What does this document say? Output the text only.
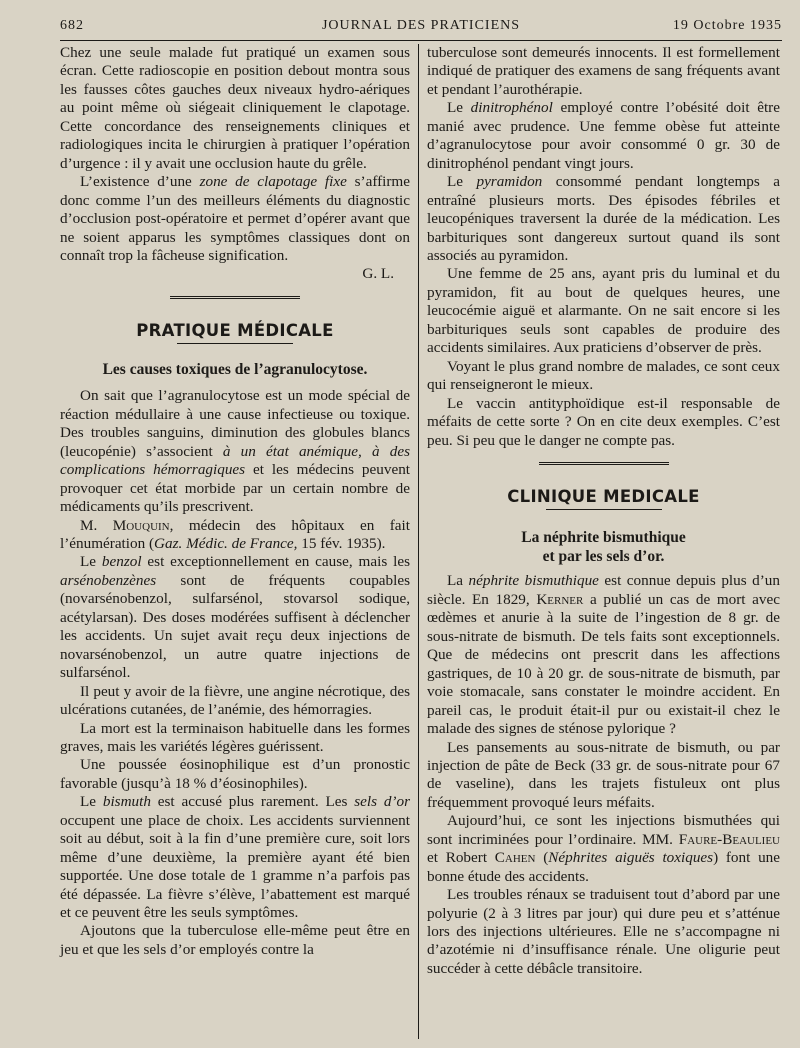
682	JOURNAL DES PRATICIENS	19 Octobre 1935

Chez une seule malade fut pratiqué un examen sous écran. Cette radioscopie en position debout montra sous les fausses côtes gauches deux niveaux hydro-aériques au point même où siégeait cliniquement le clapotage. Cette concordance des renseignements cliniques et radiologiques incita le chirurgien à pratiquer l’opération d’urgence : il y avait une occlusion haute du grêle.

L’existence d’une zone de clapotage fixe s’affirme donc comme l’un des meilleurs éléments du diagnostic d’occlusion post-opératoire et permet d’opérer avant que ne soient apparus les symptômes classiques dont on connaît trop la fâcheuse signification.

G. L.
PRATIQUE MÉDICALE
Les causes toxiques de l’agranulocytose.

On sait que l’agranulocytose est un mode spécial de réaction médullaire à une cause infectieuse ou toxique. Des troubles sanguins, diminution des globules blancs (leucopénie) s’associent à un état anémique, à des complications hémorragiques et les médecins peuvent provoquer cet état morbide par un certain nombre de médicaments qu’ils prescrivent.

M. Mouquin, médecin des hôpitaux en fait l’énumération (Gaz. Médic. de France, 15 fév. 1935).

Le benzol est exceptionnellement en cause, mais les arsénobenzènes sont de fréquents coupables (novarsénobenzol, sulfarsénol, stovarsol sodique, acétylarsan). Des doses modérées suffisent à déclencher les accidents. Un sujet avait reçu deux injections de novarsénobenzol, un autre quatre injections de sulfarsénol.

Il peut y avoir de la fièvre, une angine nécrotique, des ulcérations cutanées, de l’anémie, des hémorragies.

La mort est la terminaison habituelle dans les formes graves, mais les variétés légères guérissent.

Une poussée éosinophilique est d’un pronostic favorable (jusqu’à 18 % d’éosinophiles).

Le bismuth est accusé plus rarement. Les sels d’or occupent une place de choix. Les accidents surviennent soit au début, soit à la fin d’une première cure, soit lors même d’une deuxième, la première ayant été bien supportée. Une dose totale de 1 gramme n’a parfois pas été dépassée. La fièvre s’élève, l’abattement est marqué et ce peuvent être les seuls symptômes.

Ajoutons que la tuberculose elle-même peut être en jeu et que les sels d’or employés contre la

tuberculose sont demeurés innocents. Il est formellement indiqué de pratiquer des examens de sang fréquents avant et pendant l’aurothérapie.

Le dinitrophénol employé contre l’obésité doit être manié avec prudence. Une femme obèse fut atteinte d’agranulocytose pour avoir consommé 0 gr. 30 de dinitrophénol pendant vingt jours.

Le pyramidon consommé pendant longtemps a entraîné plusieurs morts. Des épisodes fébriles et leucopéniques traversent la durée de la médication. Les barbituriques sont dangereux surtout quand ils sont associés au pyramidon.

Une femme de 25 ans, ayant pris du luminal et du pyramidon, fit au bout de quelques heures, une leucocémie aiguë et alarmante. On ne sait encore si les barbituriques seuls sont capables de produire des accidents similaires. Aux praticiens d’observer de près.

Voyant le plus grand nombre de malades, ce sont ceux qui renseigneront le mieux.

Le vaccin antityphoïdique est-il responsable de méfaits de cette sorte ? On en cite deux exemples. C’est peu. Si peu que le danger ne compte pas.

CLINIQUE MEDICALE
La néphrite bismuthique
et par les sels d’or.

La néphrite bismuthique est connue depuis plus d’un siècle. En 1829, Kerner a publié un cas de mort avec œdèmes et anurie à la suite de l’ingestion de 8 gr. de sous-nitrate de bismuth. De tels faits sont exceptionnels. Que de médecins ont prescrit dans les affections gastriques, de 10 à 20 gr. de sous-nitrate de bismuth, par voie stomacale, sans constater le moindre accident. En pareil cas, le produit était-il pur ou existait-il chez le malade des signes de sténose pylorique ?

Les pansements au sous-nitrate de bismuth, ou par injection de pâte de Beck (33 gr. de sous-nitrate pour 67 de vaseline), dans les trajets fistuleux ont plus fréquemment provoqué leurs méfaits.

Aujourd’hui, ce sont les injections bismuthées qui sont incriminées pour l’ordinaire. MM. Faure-Beaulieu et Robert Cahen (Néphrites aiguës toxiques) font une bonne étude des accidents.

Les troubles rénaux se traduisent tout d’abord par une polyurie (2 à 3 litres par jour) qui dure peu et s’atténue lors des injections ultérieures. Elle ne s’accompagne ni d’azotémie ni d’insuffisance rénale. Une oligurie peut succéder à cette débâcle transitoire.
